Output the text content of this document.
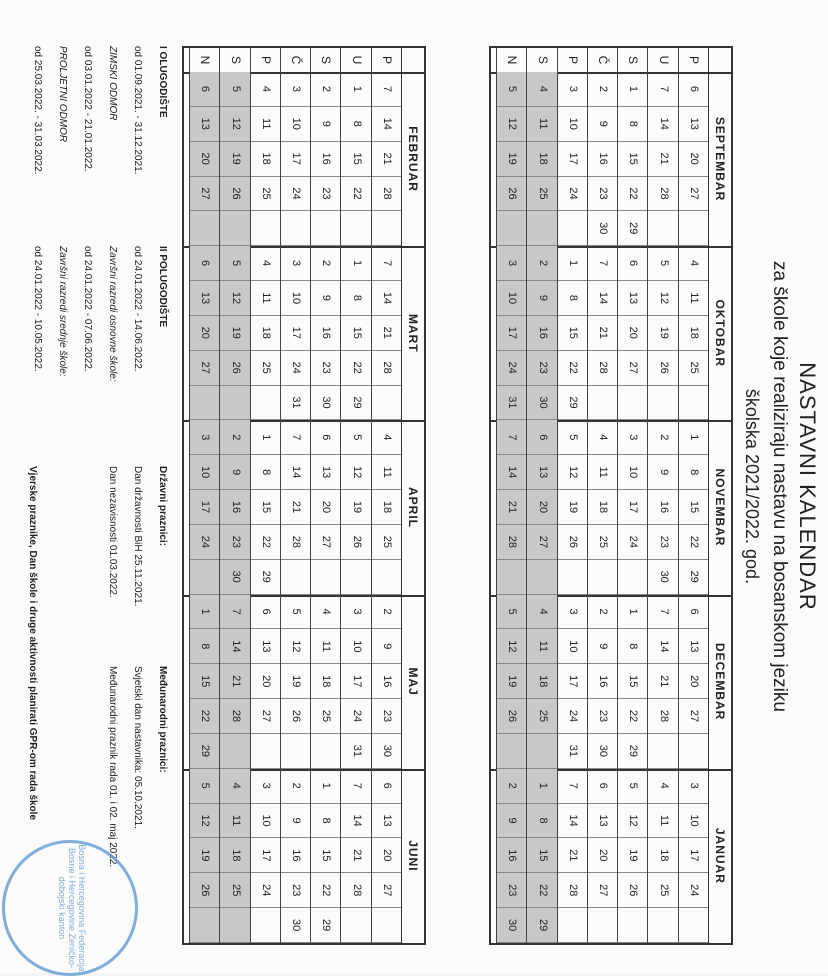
NASTAVNI KALENDAR
za škole koje realiziraju nastavu na bosanskom jeziku
školska 2021/2022. god.
P
U
S
Č
P
S
N
SEPTEMBAR
6
13
20
27
7
14
21
28
1
8
15
22
29
2
9
16
23
30
3
10
17
24
4
11
18
25
5
12
19
26
OKTOBAR
4
11
18
25
5
12
19
26
6
13
20
27
7
14
21
28
1
8
15
22
29
2
9
16
23
30
3
10
17
24
31
NOVEMBAR
1
8
15
22
29
2
9
16
23
30
3
10
17
24
4
11
18
25
5
12
19
26
6
13
20
27
7
14
21
28
DECEMBAR
6
13
20
27
7
14
21
28
1
8
15
22
29
2
9
16
23
30
3
10
17
24
31
4
11
18
25
5
12
19
26
JANUAR
3
10
17
24
4
11
18
25
5
12
19
26
6
13
20
27
7
14
21
28
1
8
15
22
29
2
9
16
23
30
P
U
S
Č
P
S
N
FEBRUAR
7
14
21
28
1
8
15
22
2
9
16
23
3
10
17
24
4
11
18
25
5
12
19
26
6
13
20
27
MART
7
14
21
28
1
8
15
22
29
2
9
16
23
30
3
10
17
24
31
4
11
18
25
5
12
19
26
6
13
20
27
APRIL
4
11
18
25
5
12
19
26
6
13
20
27
7
14
21
28
1
8
15
22
29
2
9
16
23
30
3
10
17
24
MAJ
2
9
16
23
30
3
10
17
24
31
4
11
18
25
5
12
19
26
6
13
20
27
7
14
21
28
1
8
15
22
29
JUNI
6
13
20
27
7
14
21
28
1
8
15
22
29
2
9
16
23
30
3
10
17
24
4
11
18
25
5
12
19
26
I OLUGODIŠTE
od 01.09.2021. - 31.12.2021.
ZIMSKI ODMOR
od 03.01.2022 - 21.01.2022.
PROLJETNI ODMOR
od 25.03.2022. - 31.03.2022.
II POLUGODIŠTE
od 24.01.2022 - 14.06.2022.
Završni razredi osnovne škole:
od 24.01.2022 - 07.06.2022.
Završni razredi srednje škole:
od 24.01.2022 - 10.05.2022.
Državni praznici:
Dan državnosti BiH 25.11.2021.
Dan nezavisnosti 01.03.2022.
Međunarodni praznici:
Svjetski dan nastavnika: 05.10.2021.
Međunarodni praznik rada 01. i 02. maj 2022.
Vjerske praznike, Dan škole i druge aktivnosti planirati GPR-om rada škole
Bosna i Hercegovina Federacija Bosne i Hercegovine Zeničko-dobojski kanton
